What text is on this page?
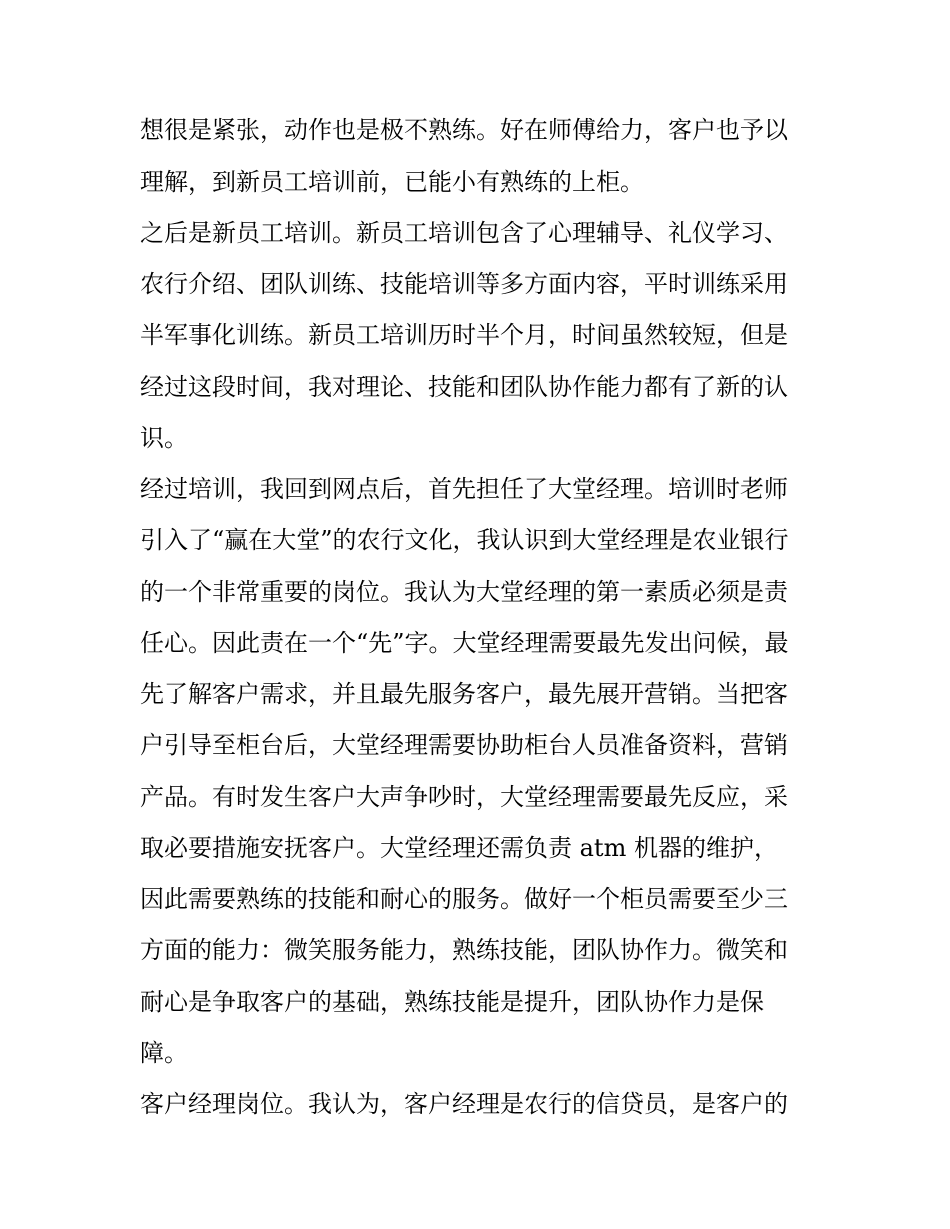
想很是紧张，动作也是极不熟练。好在师傅给力，客户也予以
理解，到新员工培训前，已能小有熟练的上柜。
之后是新员工培训。新员工培训包含了心理辅导、礼仪学习、
农行介绍、团队训练、技能培训等多方面内容，平时训练采用
半军事化训练。新员工培训历时半个月，时间虽然较短，但是
经过这段时间，我对理论、技能和团队协作能力都有了新的认
识。
经过培训，我回到网点后，首先担任了大堂经理。培训时老师
引入了“赢在大堂”的农行文化，我认识到大堂经理是农业银行
的一个非常重要的岗位。我认为大堂经理的第一素质必须是责
任心。因此责在一个“先”字。大堂经理需要最先发出问候，最
先了解客户需求，并且最先服务客户，最先展开营销。当把客
户引导至柜台后，大堂经理需要协助柜台人员准备资料，营销
产品。有时发生客户大声争吵时，大堂经理需要最先反应，采
取必要措施安抚客户。大堂经理还需负责 atm 机器的维护，
因此需要熟练的技能和耐心的服务。做好一个柜员需要至少三
方面的能力：微笑服务能力，熟练技能，团队协作力。微笑和
耐心是争取客户的基础，熟练技能是提升，团队协作力是保
障。
客户经理岗位。我认为，客户经理是农行的信贷员，是客户的
